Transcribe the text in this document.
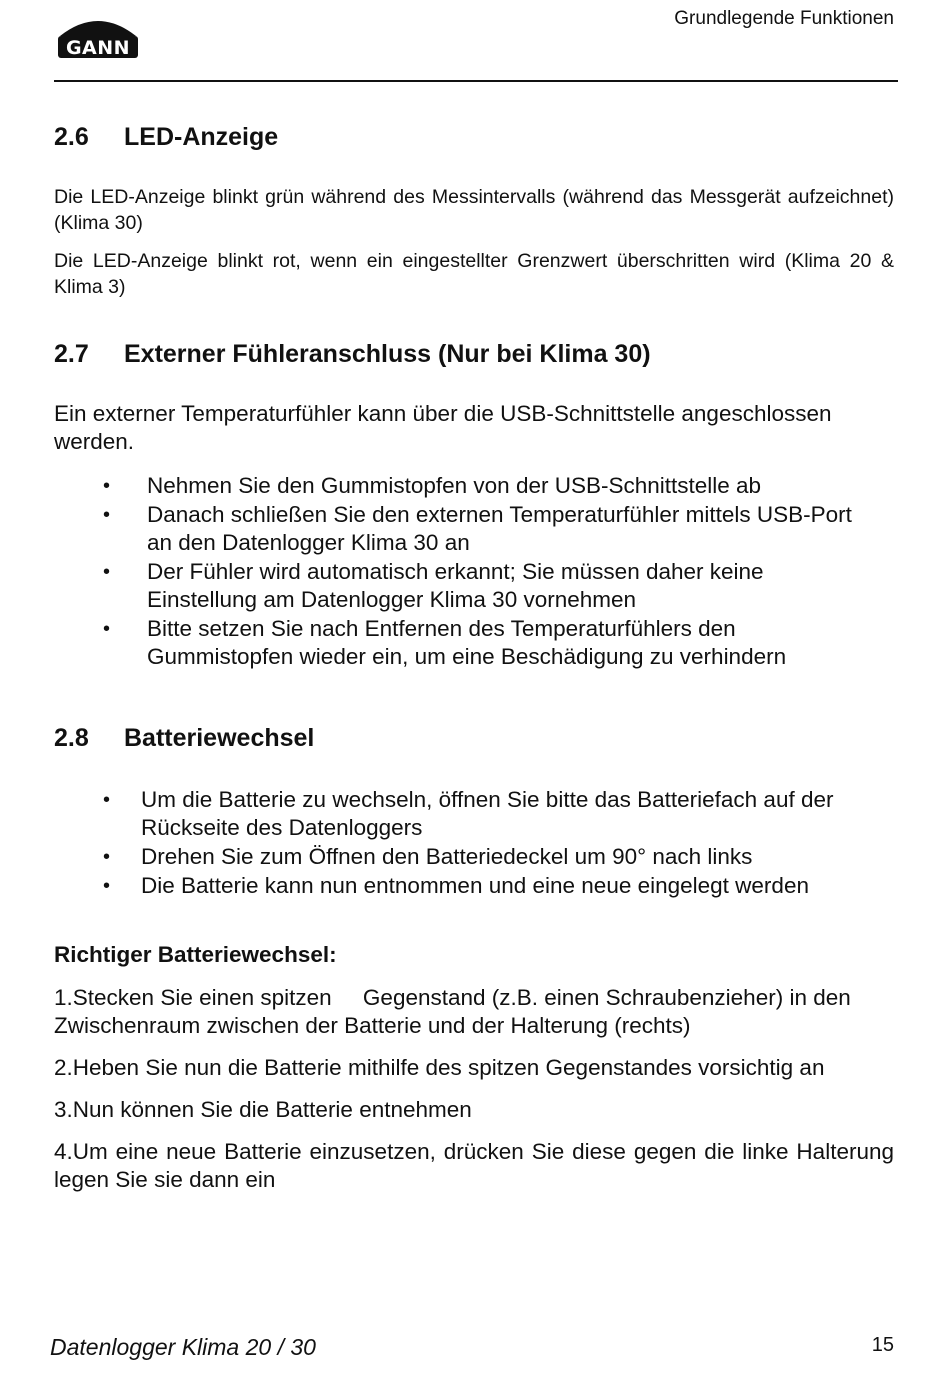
GANN
Grundlegende Funktionen
2.6 LED-Anzeige

Die LED-Anzeige blinkt grün während des Messintervalls (während das Messgerät aufzeichnet) (Klima 30)

Die LED-Anzeige blinkt rot, wenn ein eingestellter Grenzwert überschritten wird (Klima 20 & Klima 3)

2.7 Externer Fühleranschluss (Nur bei Klima 30)

Ein externer Temperaturfühler kann über die USB-Schnittstelle angeschlossen werden.

• Nehmen Sie den Gummistopfen von der USB-Schnittstelle ab
• Danach schließen Sie den externen Temperaturfühler mittels USB-Port an den Datenlogger Klima 30 an
• Der Fühler wird automatisch erkannt; Sie müssen daher keine Einstellung am Datenlogger Klima 30 vornehmen
• Bitte setzen Sie nach Entfernen des Temperaturfühlers den Gummistopfen wieder ein, um eine Beschädigung zu verhindern
2.8 Batteriewechsel
• Um die Batterie zu wechseln, öffnen Sie bitte das Batteriefach auf der Rückseite des Datenloggers
• Drehen Sie zum Öffnen den Batteriedeckel um 90° nach links
• Die Batterie kann nun entnommen und eine neue eingelegt werden

Richtiger Batteriewechsel:

1.Stecken Sie einen spitzen     Gegenstand (z.B. einen Schraubenzieher) in den Zwischenraum zwischen der Batterie und der Halterung (rechts)

2.Heben Sie nun die Batterie mithilfe des spitzen Gegenstandes vorsichtig an

3.Nun können Sie die Batterie entnehmen

4.Um eine neue Batterie einzusetzen, drücken Sie diese gegen die linke Halterung legen Sie sie dann ein

Datenlogger Klima 20 / 30	15
